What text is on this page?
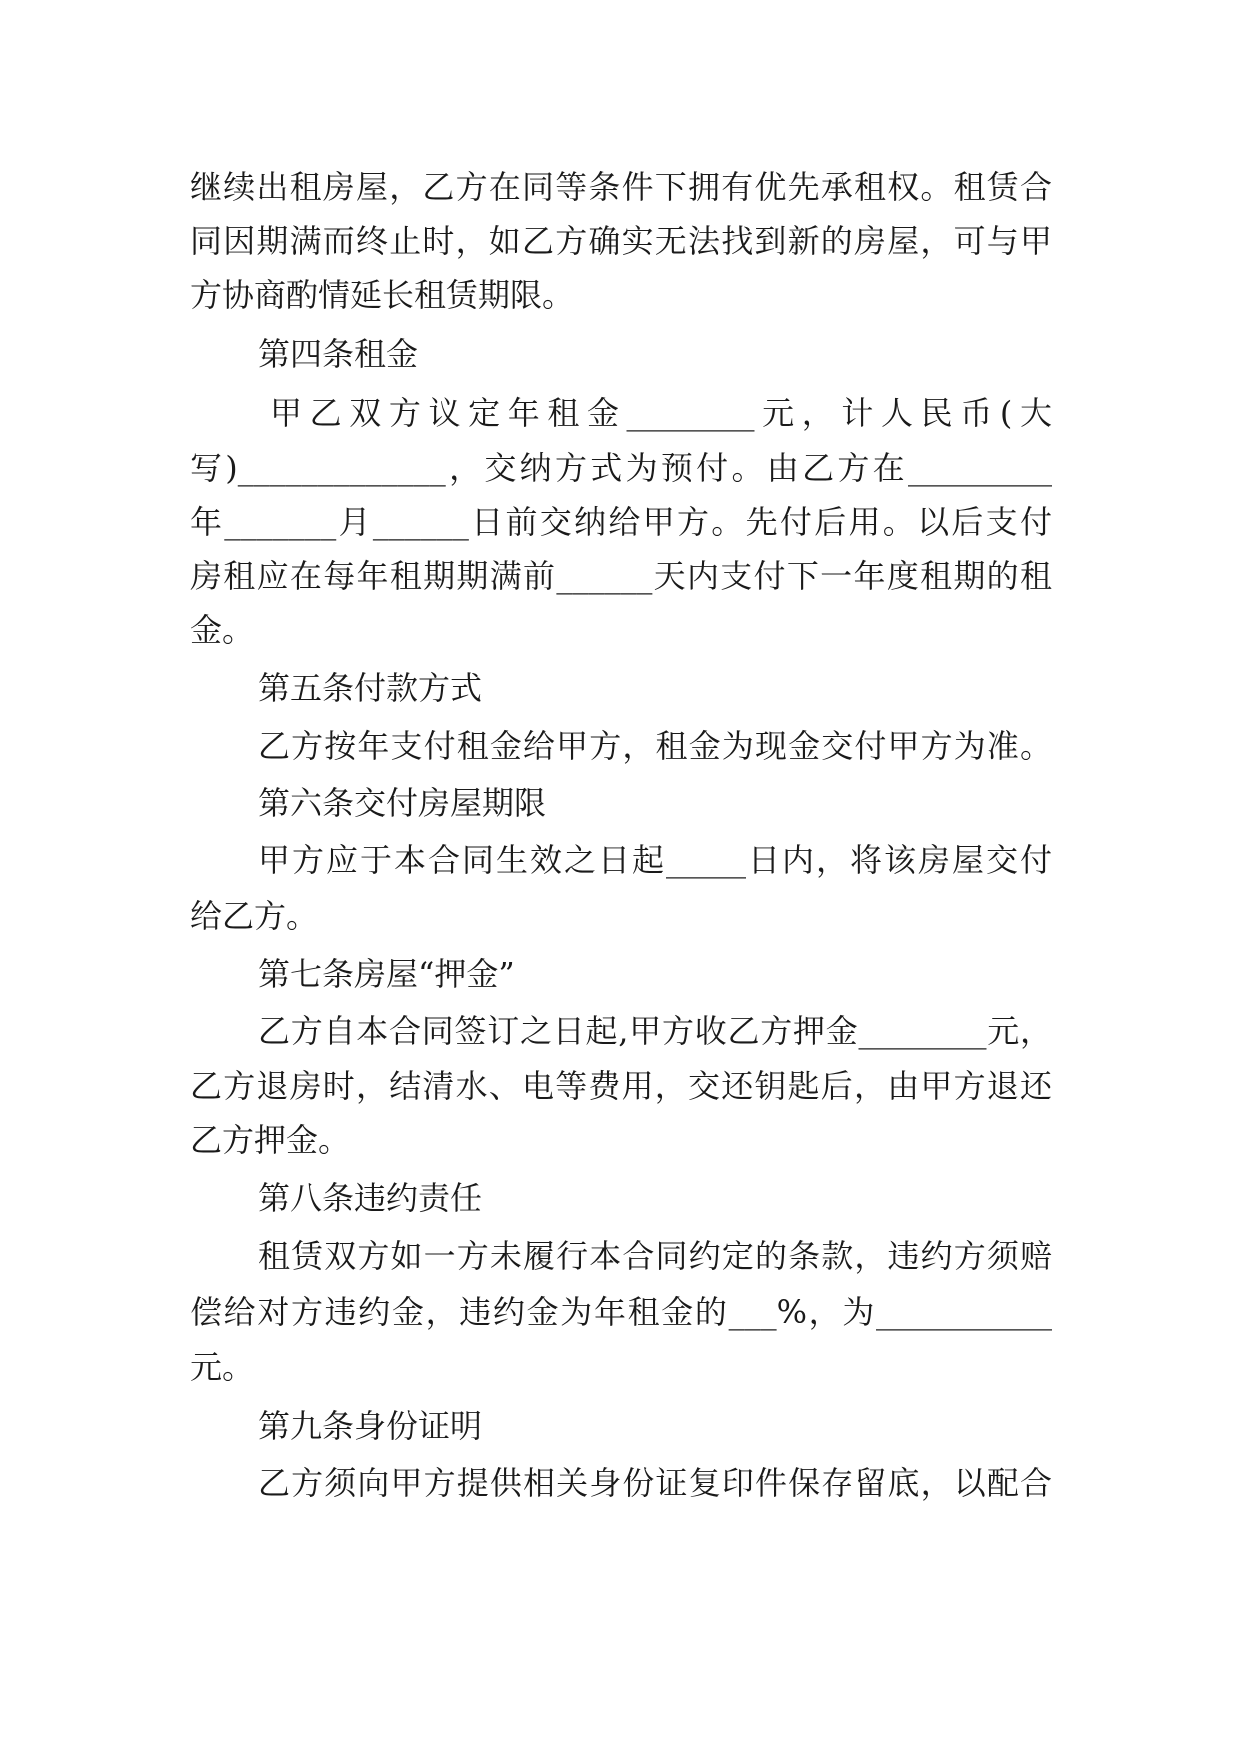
继续出租房屋，乙方在同等条件下拥有优先承租权。租赁合
同因期满而终止时，如乙方确实无法找到新的房屋，可与甲
方协商酌情延长租赁期限。
第四条租金
甲乙双方议定年租金________元，计人民币(大
写)_____________，交纳方式为预付。由乙方在_________
年_______月______日前交纳给甲方。先付后用。以后支付
房租应在每年租期期满前______天内支付下一年度租期的租
金。
第五条付款方式
乙方按年支付租金给甲方，租金为现金交付甲方为准。
第六条交付房屋期限
甲方应于本合同生效之日起_____日内，将该房屋交付
给乙方。
第七条房屋“押金”
乙方自本合同签订之日起,甲方收乙方押金________元，
乙方退房时，结清水、电等费用，交还钥匙后，由甲方退还
乙方押金。
第八条违约责任
租赁双方如一方未履行本合同约定的条款，违约方须赔
偿给对方违约金，违约金为年租金的___%，为___________
元。
第九条身份证明
乙方须向甲方提供相关身份证复印件保存留底，以配合
